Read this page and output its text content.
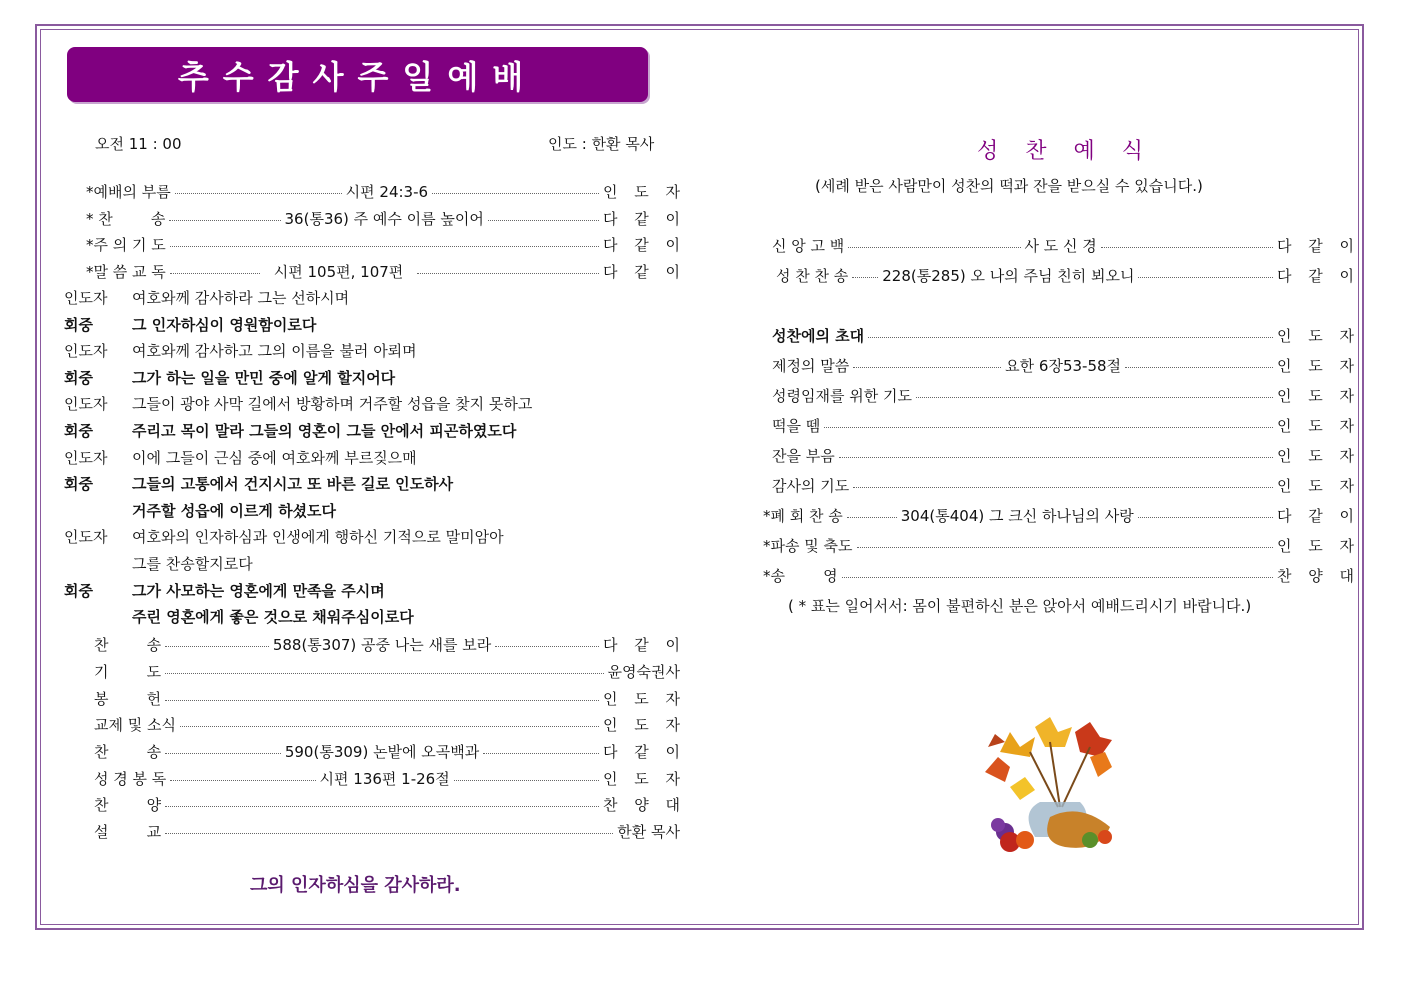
추수감사주일예배
오전 11 : 00	인도 : 한환 목사
*예배의 부름	시편 24:3-6	인 도 자
* 찬        송	36(통36) 주 예수 이름 높이어	다 같 이
*주 의 기 도	다 같 이
*말 씀 교 독	시편 105편, 107편	다 같 이
인도자 여호와께 감사하라 그는 선하시며
회중	그 인자하심이 영원함이로다
인도자 여호와께 감사하고 그의 이름을 불러 아뢰며
회중	그가 하는 일을 만민 중에 알게 할지어다
인도자 그들이 광야 사막 길에서 방황하며 거주할 성읍을 찾지 못하고
회중	주리고 목이 말라 그들의 영혼이 그들 안에서 피곤하였도다
인도자 이에 그들이 근심 중에 여호와께 부르짖으매
회중	그들의 고통에서 건지시고 또 바른 길로 인도하사
거주할 성읍에 이르게 하셨도다
인도자 여호와의 인자하심과 인생에게 행하신 기적으로 말미암아
그를 찬송할지로다
회중	그가 사모하는 영혼에게 만족을 주시며
주린 영혼에게 좋은 것으로 채워주심이로다
찬        송	588(통307) 공중 나는 새를 보라	다 같 이
기        도	윤영숙권사
봉        헌	인 도 자
교제 및 소식	인 도 자
찬        송	590(통309) 논밭에 오곡백과	다 같 이
성 경 봉 독	시편 136편 1-26절	인 도 자
찬        양	찬 양 대
설        교	한환 목사
그의 인자하심을 감사하라.
성 찬 예 식
(세례 받은 사람만이 성찬의 떡과 잔을 받으실 수 있습니다.)
신 앙 고 백	사 도 신 경	다 같 이
성 찬 찬 송 228(통285) 오 나의 주님 친히 뵈오니	다 같 이
성찬에의 초대	인 도 자
제정의 말씀	요한 6장53-58절	인 도 자
성령임재를 위한 기도	인 도 자
떡을 뗌	인 도 자
잔을 부음	인 도 자
감사의 기도	인 도 자
*폐 회 찬 송	304(통404) 그 크신 하나님의 사랑	다 같 이
*파송 및 축도	인 도 자
*송        영	찬 양 대
( * 표는 일어서서: 몸이 불편하신 분은 앉아서 예배드리시기 바랍니다.)
